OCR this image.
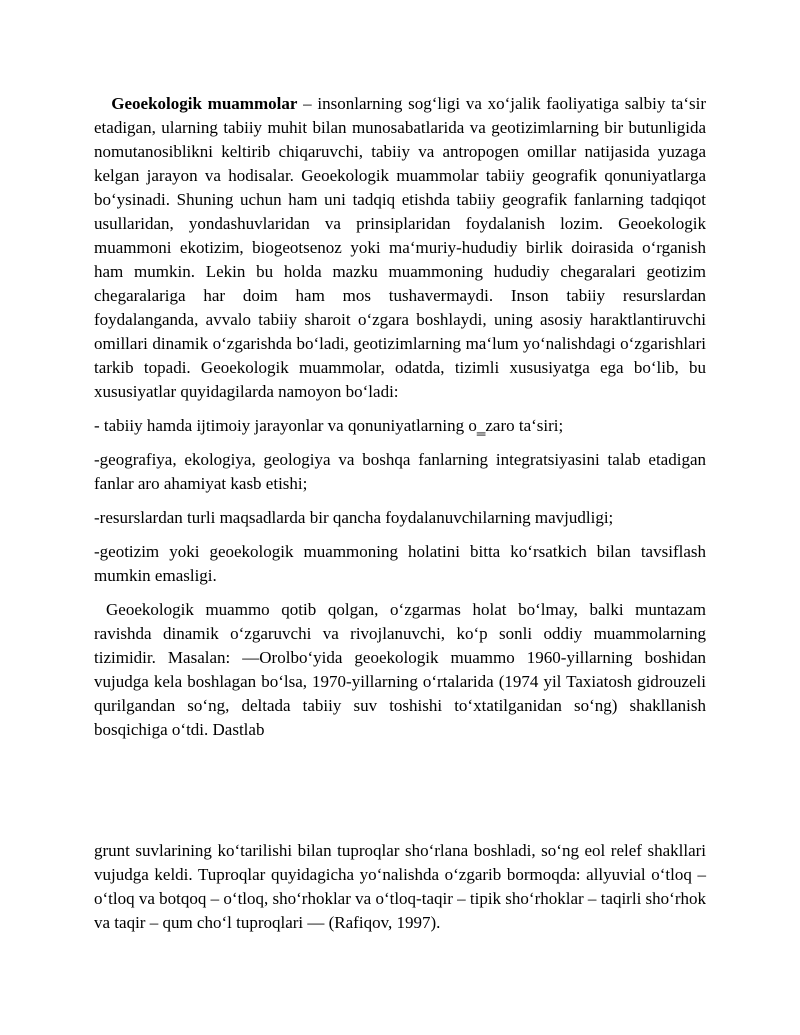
Geoekologik muammolar – insonlarning sog‘ligi va xo‘jalik faoliyatiga salbiy ta‘sir etadigan, ularning tabiiy muhit bilan munosabatlarida va geotizimlarning bir butunligida nomutanosiblikni keltirib chiqaruvchi, tabiiy va antropogen omillar natijasida yuzaga kelgan jarayon va hodisalar. Geoekologik muammolar tabiiy geografik qonuniyatlarga bo‘ysinadi. Shuning uchun ham uni tadqiq etishda tabiiy geografik fanlarning tadqiqot usullaridan, yondashuvlaridan va prinsiplaridan foydalanish lozim. Geoekologik muammoni ekotizim, biogeotsenoz yoki ma‘muriy-hududiy birlik doirasida o‘rganish ham mumkin. Lekin bu holda mazku muammoning hududiy chegaralari geotizim chegaralariga har doim ham mos tushavermaydi. Inson tabiiy resurslardan foydalanganda, avvalo tabiiy sharoit o‘zgara boshlaydi, uning asosiy haraktlantiruvchi omillari dinamik o‘zgarishda bo‘ladi, geotizimlarning ma‘lum yo‘nalishdagi o‘zgarishlari tarkib topadi. Geoekologik muammolar, odatda, tizimli xususiyatga ega bo‘lib, bu xususiyatlar quyidagilarda namoyon bo‘ladi:

- tabiiy hamda ijtimoiy jarayonlar va qonuniyatlarning o‗zaro ta‘siri;

-geografiya, ekologiya, geologiya va boshqa fanlarning integratsiyasini talab etadigan fanlar aro ahamiyat kasb etishi;

-resurslardan turli maqsadlarda bir qancha foydalanuvchilarning mavjudligi;

-geotizim yoki geoekologik muammoning holatini bitta ko‘rsatkich bilan tavsiflash mumkin emasligi.

Geoekologik muammo qotib qolgan, o‘zgarmas holat bo‘lmay, balki muntazam ravishda dinamik o‘zgaruvchi va rivojlanuvchi, ko‘p sonli oddiy muammolarning tizimidir. Masalan: ―Orolbo‘yida geoekologik muammo 1960-yillarning boshidan vujudga kela boshlagan bo‘lsa, 1970-yillarning o‘rtalarida (1974 yil Taxiatosh gidrouzeli qurilgandan so‘ng, deltada tabiiy suv toshishi to‘xtatilganidan so‘ng) shakllanish bosqichiga o‘tdi. Dastlab

grunt suvlarining ko‘tarilishi bilan tuproqlar sho‘rlana boshladi, so‘ng eol relef shakllari vujudga keldi. Tuproqlar quyidagicha yo‘nalishda o‘zgarib bormoqda: allyuvial o‘tloq – o‘tloq va botqoq – o‘tloq, sho‘rhoklar va o‘tloq-taqir – tipik sho‘rhoklar – taqirli sho‘rhok va taqir – qum cho‘l tuproqlari ― (Rafiqov, 1997).
